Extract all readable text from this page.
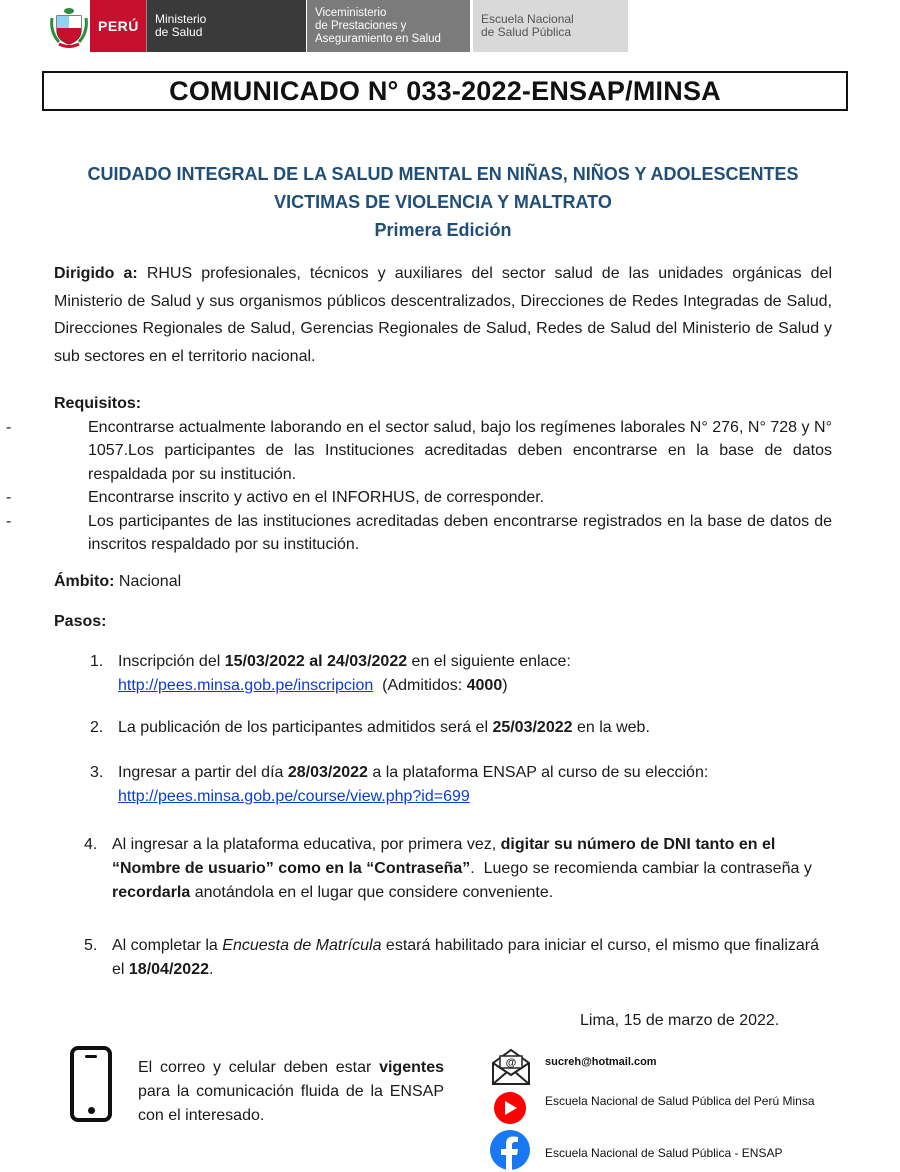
PERÚ	Ministerio
de Salud
Viceministerio
de Prestaciones y
Aseguramiento en Salud
Escuela Nacional
de Salud Pública
COMUNICADO N° 033-2022-ENSAP/MINSA
CUIDADO INTEGRAL DE LA SALUD MENTAL EN NIÑAS, NIÑOS Y ADOLESCENTES
VICTIMAS DE VIOLENCIA Y MALTRATO
Primera Edición
Dirigido a: RHUS profesionales, técnicos y auxiliares del sector salud de las unidades orgánicas del Ministerio de Salud y sus organismos públicos descentralizados, Direcciones de Redes Integradas de Salud, Direcciones Regionales de Salud, Gerencias Regionales de Salud, Redes de Salud del Ministerio de Salud y sub sectores en el territorio nacional.
Requisitos:
-	Encontrarse actualmente laborando en el sector salud, bajo los regímenes laborales N° 276, N° 728 y N° 1057.Los participantes de las Instituciones acreditadas deben encontrarse en la base de datos respaldada por su institución.
-	Encontrarse inscrito y activo en el INFORHUS, de corresponder.
-	Los participantes de las instituciones acreditadas deben encontrarse registrados en la base de datos de inscritos respaldado por su institución.
Ámbito: Nacional
Pasos:
1. Inscripción del 15/03/2022 al 24/03/2022 en el siguiente enlace:
http://pees.minsa.gob.pe/inscripcion  (Admitidos: 4000)
2. La publicación de los participantes admitidos será el 25/03/2022 en la web.
3. Ingresar a partir del día 28/03/2022 a la plataforma ENSAP al curso de su elección:
http://pees.minsa.gob.pe/course/view.php?id=699
4. Al ingresar a la plataforma educativa, por primera vez, digitar su número de DNI tanto en el “Nombre de usuario” como en la “Contraseña”.  Luego se recomienda cambiar la contraseña y recordarla anotándola en el lugar que considere conveniente.
5. Al completar la Encuesta de Matrícula estará habilitado para iniciar el curso, el mismo que finalizará el 18/04/2022.
Lima, 15 de marzo de 2022.
El correo y celular deben estar vigentes para la comunicación fluida de la ENSAP con el interesado.
@	sucreh@hotmail.com
Escuela Nacional de Salud Pública del Perú Minsa
Escuela Nacional de Salud Pública - ENSAP
